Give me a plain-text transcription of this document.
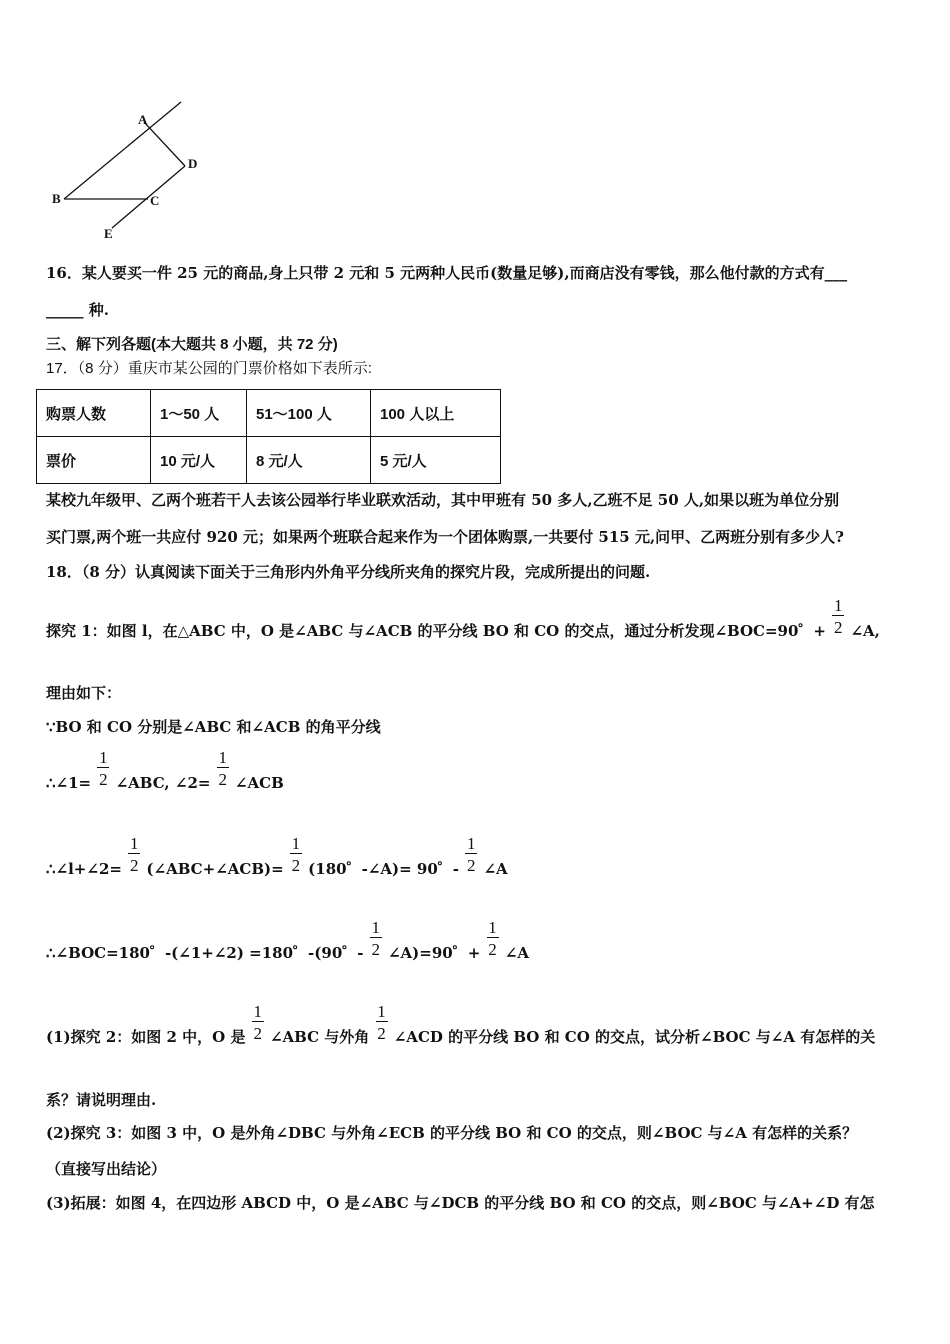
A
D
B	C
E
16．某人要买一件 25 元的商品,身上只带 2 元和 5 元两种人民币(数量足够),而商店没有零钱，那么他付款的方式有___
_____ 种.
三、解下列各题(本大题共 8 小题，共 72 分)
17．（8 分）重庆市某公园的门票价格如下表所示:
购票人数	1～50 人	51～100 人	100 人以上
票价	10 元/人	8 元/人	5 元/人
某校九年级甲、乙两个班若干人去该公园举行毕业联欢活动，其中甲班有 50 多人,乙班不足 50 人,如果以班为单位分别
买门票,两个班一共应付 920 元；如果两个班联合起来作为一个团体购票,一共要付 515 元,问甲、乙两班分别有多少人?
18．（8 分）认真阅读下面关于三角形内外角平分线所夹角的探究片段，完成所提出的问题.
探究 1：如图 l，在△ABC 中，O 是∠ABC 与∠ACB 的平分线 BO 和 CO 的交点，通过分析发现∠BOC=90゜+ $\frac{1}{2}$ ∠A,
理由如下：
∵BO 和 CO 分别是∠ABC 和∠ACB 的角平分线
∴∠1= $\frac{1}{2}$ ∠ABC, ∠2= $\frac{1}{2}$ ∠ACB
∴∠l+∠2= $\frac{1}{2}$ (∠ABC+∠ACB)= $\frac{1}{2} (180$゜-∠A)= 90゜- $\frac{1}{2}$ ∠A
∴∠BOC=180゜-(∠1+∠2) =180゜-(90゜- $\frac{1}{2}$ ∠A)=90゜+ $\frac{1}{2}$ ∠A
(1)探究 2：如图 2 中，O 是 $\frac{1}{2}$ ∠ABC 与外角 $\frac{1}{2}$ ∠ACD 的平分线 BO 和 CO 的交点，试分析∠BOC 与∠A 有怎样的关
系？请说明理由.
(2)探究 3：如图 3 中，O 是外角∠DBC 与外角∠ECB 的平分线 BO 和 CO 的交点，则∠BOC 与∠A 有怎样的关系？
（直接写出结论）
(3)拓展：如图 4，在四边形 ABCD 中，O 是∠ABC 与∠DCB 的平分线 BO 和 CO 的交点，则∠BOC 与∠A+∠D 有怎
